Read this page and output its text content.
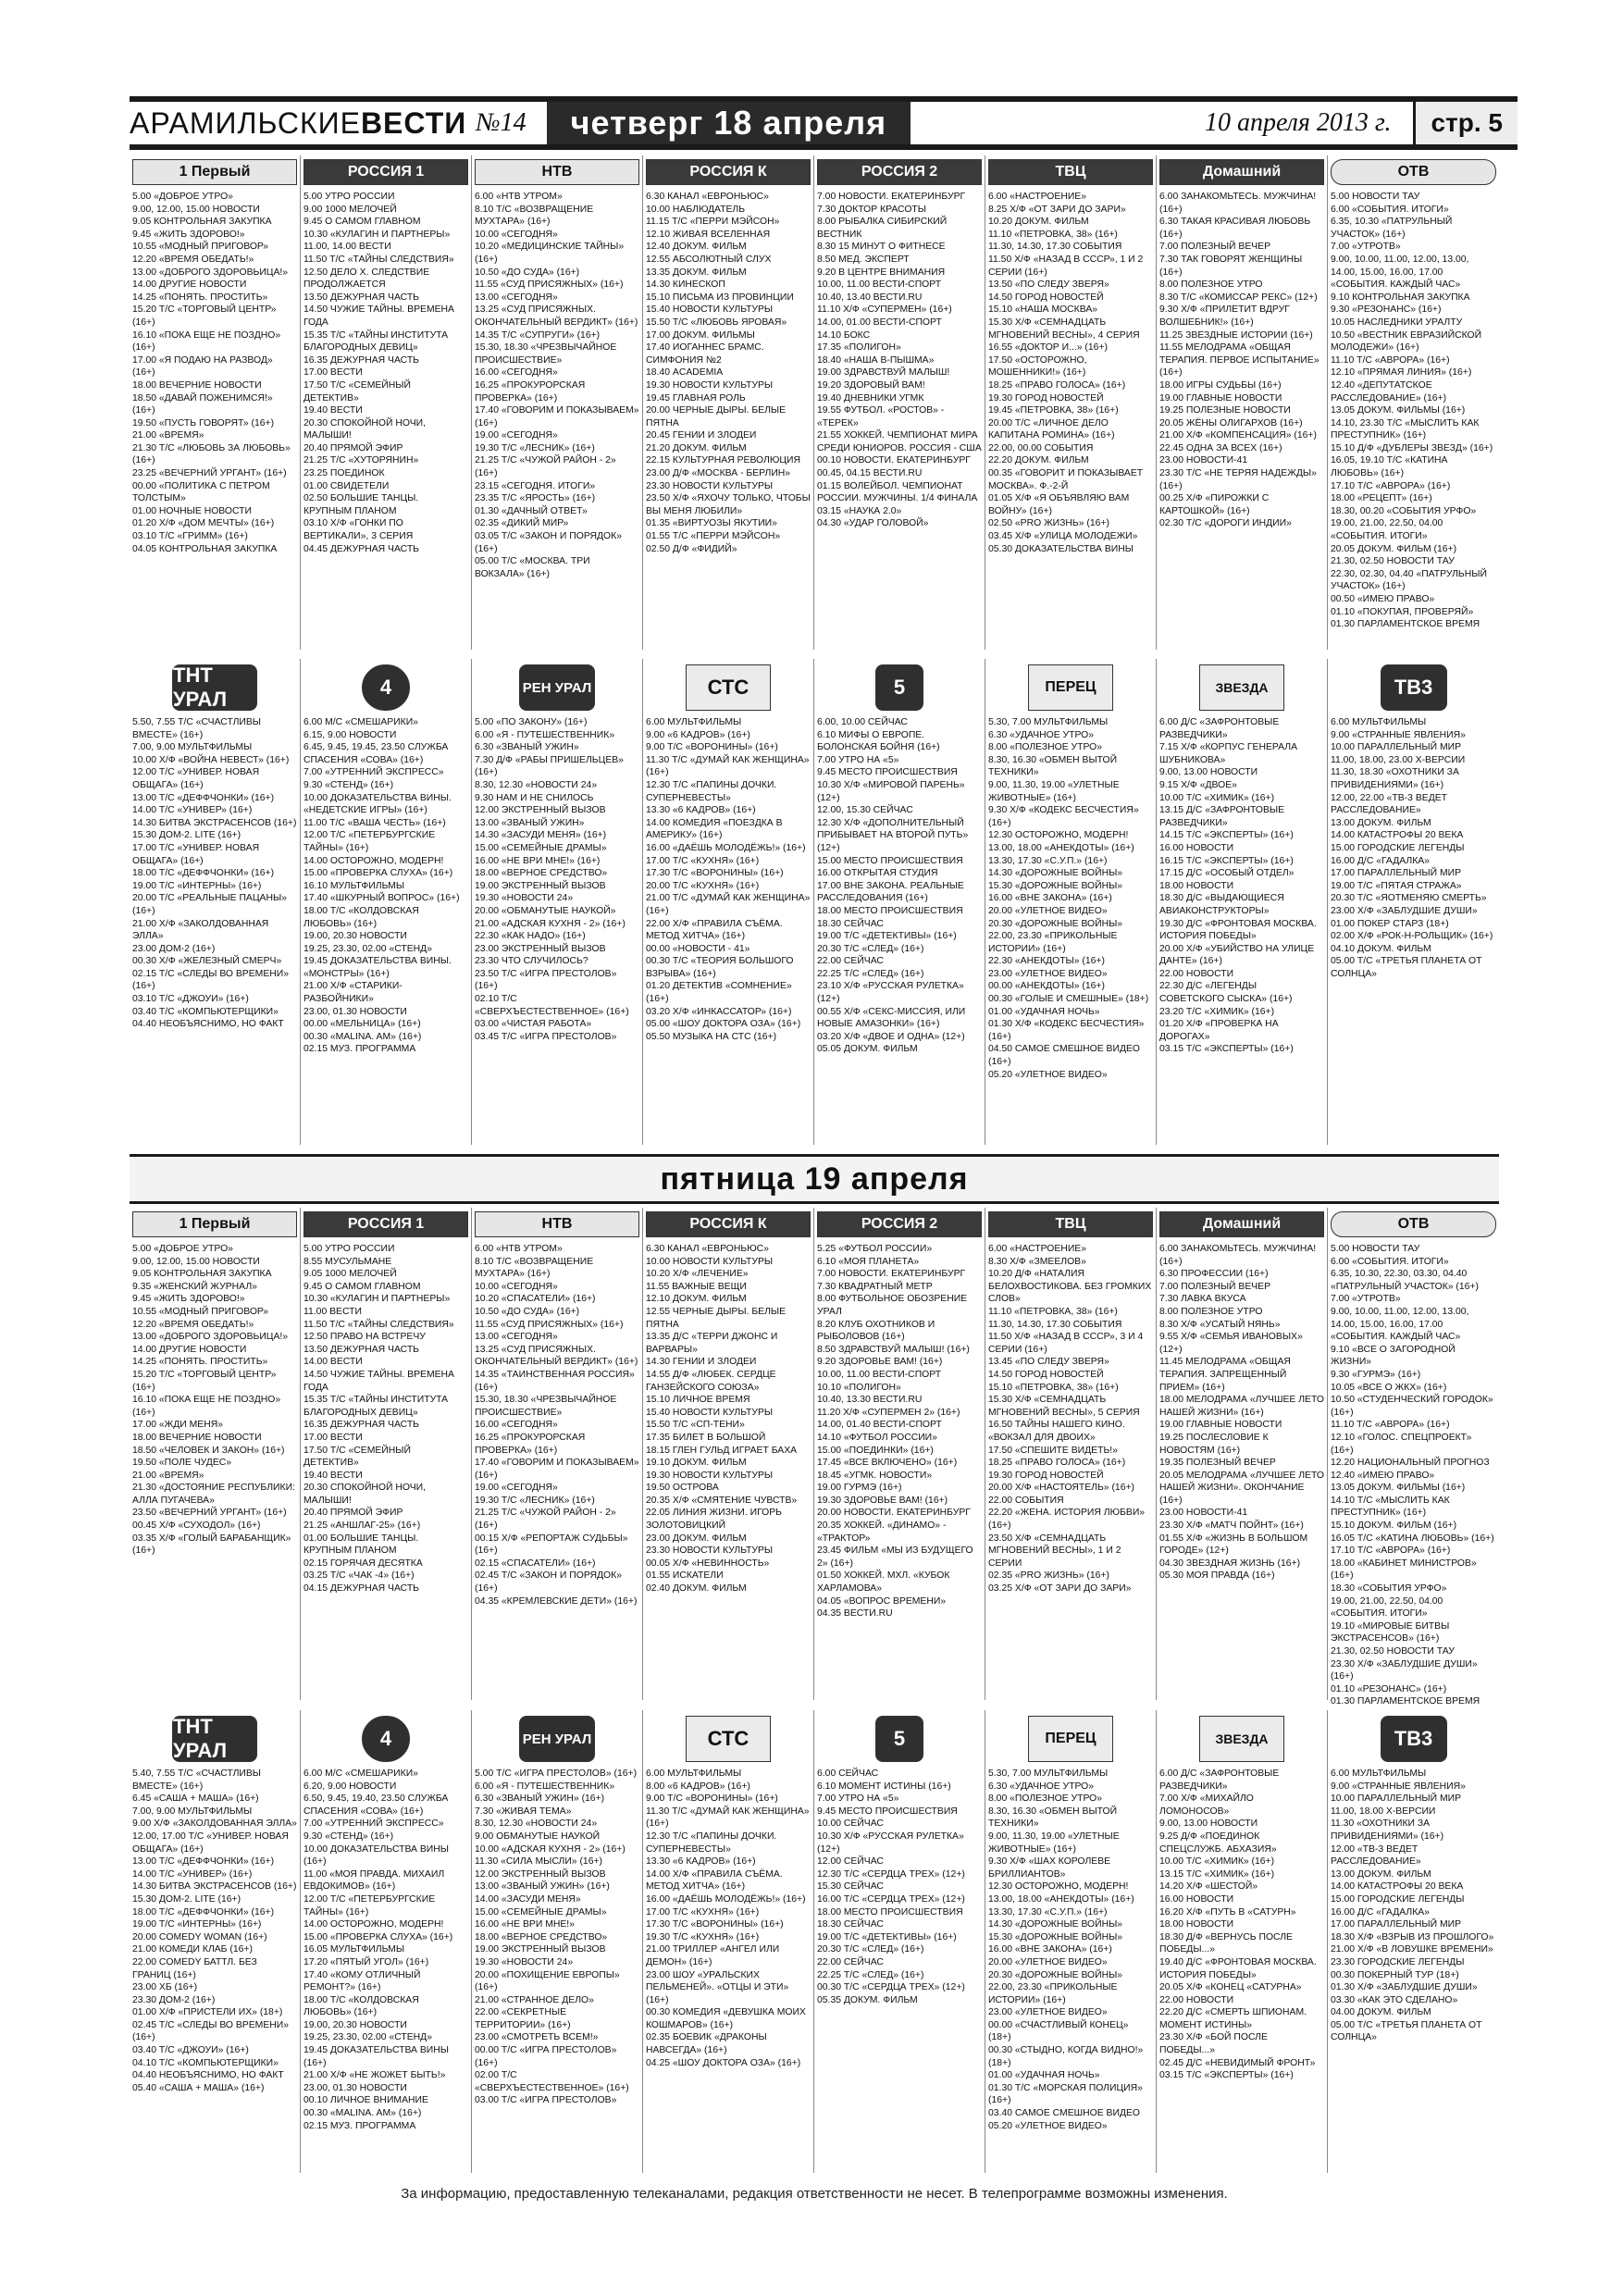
АРАМИЛЬСКИЕВЕСТИ №14	четверг 18 апреля	10 апреля 2013 г.	стр. 5
1 Первый
5.00 «ДОБРОЕ УТРО»
9.00, 12.00, 15.00 НОВОСТИ
9.05 КОНТРОЛЬНАЯ ЗАКУПКА
9.45 «ЖИТЬ ЗДОРОВО!»
10.55 «МОДНЫЙ ПРИГОВОР»
12.20 «ВРЕМЯ ОБЕДАТЬ!»
13.00 «ДОБРОГО ЗДОРОВЬИЦА!»
14.00 ДРУГИЕ НОВОСТИ
14.25 «ПОНЯТЬ. ПРОСТИТЬ»
15.20 Т/С «ТОРГОВЫЙ ЦЕНТР» (16+)
16.10 «ПОКА ЕЩЕ НЕ ПОЗДНО» (16+)
17.00 «Я ПОДАЮ НА РАЗВОД» (16+)
18.00 ВЕЧЕРНИЕ НОВОСТИ
18.50 «ДАВАЙ ПОЖЕНИМСЯ!» (16+)
19.50 «ПУСТЬ ГОВОРЯТ» (16+)
21.00 «ВРЕМЯ»
21.30 Т/С «ЛЮБОВЬ ЗА ЛЮБОВЬ» (16+)
23.25 «ВЕЧЕРНИЙ УРГАНТ» (16+)
00.00 «ПОЛИТИКА С ПЕТРОМ ТОЛСТЫМ»
01.00 НОЧНЫЕ НОВОСТИ
01.20 Х/Ф «ДОМ МЕЧТЫ» (16+)
03.10 Т/С «ГРИММ» (16+)
04.05 КОНТРОЛЬНАЯ ЗАКУПКА
РОССИЯ 1
5.00 УТРО РОССИИ
9.00 1000 МЕЛОЧЕЙ
9.45 О САМОМ ГЛАВНОМ
10.30 «КУЛАГИН И ПАРТНЕРЫ»
11.00, 14.00 ВЕСТИ
11.50 Т/С «ТАЙНЫ СЛЕДСТВИЯ»
12.50 ДЕЛО Х. СЛЕДСТВИЕ ПРОДОЛЖАЕТСЯ
13.50 ДЕЖУРНАЯ ЧАСТЬ
14.50 ЧУЖИЕ ТАЙНЫ. ВРЕМЕНА ГОДА
15.35 Т/С «ТАЙНЫ ИНСТИТУТА БЛАГОРОДНЫХ ДЕВИЦ»
16.35 ДЕЖУРНАЯ ЧАСТЬ
17.00 ВЕСТИ
17.50 Т/С «СЕМЕЙНЫЙ ДЕТЕКТИВ»
19.40 ВЕСТИ
20.30 СПОКОЙНОЙ НОЧИ, МАЛЫШИ!
20.40 ПРЯМОЙ ЭФИР
21.25 Т/С «ХУТОРЯНИН»
23.25 ПОЕДИНОК
01.00 СВИДЕТЕЛИ
02.50 БОЛЬШИЕ ТАНЦЫ. КРУПНЫМ ПЛАНОМ
03.10 Х/Ф «ГОНКИ ПО ВЕРТИКАЛИ», 3 СЕРИЯ
04.45 ДЕЖУРНАЯ ЧАСТЬ
НТВ
6.00 «НТВ УТРОМ»
8.10 Т/С «ВОЗВРАЩЕНИЕ МУХТАРА» (16+)
10.00 «СЕГОДНЯ»
10.20 «МЕДИЦИНСКИЕ ТАЙНЫ» (16+)
10.50 «ДО СУДА» (16+)
11.55 «СУД ПРИСЯЖНЫХ» (16+)
13.00 «СЕГОДНЯ»
13.25 «СУД ПРИСЯЖНЫХ. ОКОНЧАТЕЛЬНЫЙ ВЕРДИКТ» (16+)
14.35 Т/С «СУПРУГИ» (16+)
15.30, 18.30 «ЧРЕЗВЫЧАЙНОЕ ПРОИСШЕСТВИЕ»
16.00 «СЕГОДНЯ»
16.25 «ПРОКУРОРСКАЯ ПРОВЕРКА» (16+)
17.40 «ГОВОРИМ И ПОКАЗЫВАЕМ» (16+)
19.00 «СЕГОДНЯ»
19.30 Т/С «ЛЕСНИК» (16+)
21.25 Т/С «ЧУЖОЙ РАЙОН - 2» (16+)
23.15 «СЕГОДНЯ. ИТОГИ»
23.35 Т/С «ЯРОСТЬ» (16+)
01.30 «ДАЧНЫЙ ОТВЕТ»
02.35 «ДИКИЙ МИР»
03.05 Т/С «ЗАКОН И ПОРЯДОК» (16+)
05.00 Т/С «МОСКВА. ТРИ ВОКЗАЛА» (16+)
РОССИЯ К
6.30 КАНАЛ «ЕВРОНЬЮС»
10.00 НАБЛЮДАТЕЛЬ
11.15 Т/С «ПЕРРИ МЭЙСОН»
12.10 ЖИВАЯ ВСЕЛЕННАЯ
12.40 ДОКУМ. ФИЛЬМ
12.55 АБСОЛЮТНЫЙ СЛУХ
13.35 ДОКУМ. ФИЛЬМ
14.30 КИНЕСКОП
15.10 ПИСЬМА ИЗ ПРОВИНЦИИ
15.40 НОВОСТИ КУЛЬТУРЫ
15.50 Т/С «ЛЮБОВЬ ЯРОВАЯ»
17.00 ДОКУМ. ФИЛЬМЫ
17.40 ИОГАННЕС БРАМС. СИМФОНИЯ №2
18.40 ACADEMIA
19.30 НОВОСТИ КУЛЬТУРЫ
19.45 ГЛАВНАЯ РОЛЬ
20.00 ЧЕРНЫЕ ДЫРЫ. БЕЛЫЕ ПЯТНА
20.45 ГЕНИИ И ЗЛОДЕИ
21.20 ДОКУМ. ФИЛЬМ
22.15 КУЛЬТУРНАЯ РЕВОЛЮЦИЯ
23.00 Д/Ф «МОСКВА - БЕРЛИН»
23.30 НОВОСТИ КУЛЬТУРЫ
23.50 Х/Ф «ЯХОЧУ ТОЛЬКО, ЧТОБЫ ВЫ МЕНЯ ЛЮБИЛИ»
01.35 «ВИРТУОЗЫ ЯКУТИИ»
01.55 Т/С «ПЕРРИ МЭЙСОН»
02.50 Д/Ф «ФИДИЙ»
РОССИЯ 2
7.00 НОВОСТИ. ЕКАТЕРИНБУРГ
7.30 ДОКТОР КРАСОТЫ
8.00 РЫБАЛКА СИБИРСКИЙ ВЕСТНИК
8.30 15 МИНУТ О ФИТНЕСЕ
8.50 МЕД. ЭКСПЕРТ
9.20 В ЦЕНТРЕ ВНИМАНИЯ
10.00, 11.00 ВЕСТИ-СПОРТ
10.40, 13.40 ВЕСТИ.RU
11.10 Х/Ф «СУПЕРМЕН» (16+)
14.00, 01.00 ВЕСТИ-СПОРТ
14.10 БОКС
17.35 «ПОЛИГОН»
18.40 «НАША В-ПЫШМА»
19.00 ЗДРАВСТВУЙ МАЛЫШ!
19.20 ЗДОРОВЫЙ ВАМ!
19.40 ДНЕВНИКИ УГМК
19.55 ФУТБОЛ. «РОСТОВ» - «ТЕРЕК»
21.55 ХОККЕЙ. ЧЕМПИОНАТ МИРА СРЕДИ ЮНИОРОВ. РОССИЯ - США
00.10 НОВОСТИ. ЕКАТЕРИНБУРГ
00.45, 04.15 ВЕСТИ.RU
01.15 ВОЛЕЙБОЛ. ЧЕМПИОНАТ РОССИИ. МУЖЧИНЫ. 1/4 ФИНАЛА
03.15 «НАУКА 2.0»
04.30 «УДАР ГОЛОВОЙ»
ТВЦ
6.00 «НАСТРОЕНИЕ»
8.25 Х/Ф «ОТ ЗАРИ ДО ЗАРИ»
10.20 ДОКУМ. ФИЛЬМ
11.10 «ПЕТРОВКА, 38» (16+)
11.30, 14.30, 17.30 СОБЫТИЯ
11.50 Х/Ф «НАЗАД В СССР», 1 И 2 СЕРИИ (16+)
13.50 «ПО СЛЕДУ ЗВЕРЯ»
14.50 ГОРОД НОВОСТЕЙ
15.10 «НАША МОСКВА»
15.30 Х/Ф «СЕМНАДЦАТЬ МГНОВЕНИЙ ВЕСНЫ», 4 СЕРИЯ
16.55 «ДОКТОР И...» (16+)
17.50 «ОСТОРОЖНО, МОШЕННИКИ!» (16+)
18.25 «ПРАВО ГОЛОСА» (16+)
19.30 ГОРОД НОВОСТЕЙ
19.45 «ПЕТРОВКА, 38» (16+)
20.00 Т/С «ЛИЧНОЕ ДЕЛО КАПИТАНА РОМИНА» (16+)
22.00, 00.00 СОБЫТИЯ
22.20 ДОКУМ. ФИЛЬМ
00.35 «ГОВОРИТ И ПОКАЗЫВАЕТ МОСКВА». Ф.-2-Й
01.05 Х/Ф «Я ОБЪЯВЛЯЮ ВАМ ВОЙНУ» (16+)
02.50 «PRO ЖИЗНЬ» (16+)
03.45 Х/Ф «УЛИЦА МОЛОДЕЖИ»
05.30 ДОКАЗАТЕЛЬСТВА ВИНЫ
Домашний
6.00 ЗАНАКОМЬТЕСЬ. МУЖЧИНА! (16+)
6.30 ТАКАЯ КРАСИВАЯ ЛЮБОВЬ (16+)
7.00 ПОЛЕЗНЫЙ ВЕЧЕР
7.30 ТАК ГОВОРЯТ ЖЕНЩИНЫ (16+)
8.00 ПОЛЕЗНОЕ УТРО
8.30 Т/С «КОМИССАР РЕКС» (12+)
9.30 Х/Ф «ПРИЛЕТИТ ВДРУГ ВОЛШЕБНИК!» (16+)
11.25 ЗВЕЗДНЫЕ ИСТОРИИ (16+)
11.55 МЕЛОДРАМА «ОБЩАЯ ТЕРАПИЯ. ПЕРВОЕ ИСПЫТАНИЕ» (16+)
18.00 ИГРЫ СУДЬБЫ (16+)
19.00 ГЛАВНЫЕ НОВОСТИ
19.25 ПОЛЕЗНЫЕ НОВОСТИ
20.05 ЖЁНЫ ОЛИГАРХОВ (16+)
21.00 Х/Ф «КОМПЕНСАЦИЯ» (16+)
22.45 ОДНА ЗА ВСЕХ (16+)
23.00 НОВОСТИ-41
23.30 Т/С «НЕ ТЕРЯЯ НАДЕЖДЫ» (16+)
00.25 Х/Ф «ПИРОЖКИ С КАРТОШКОЙ» (16+)
02.30 Т/С «ДОРОГИ ИНДИИ»
ОТВ
5.00 НОВОСТИ ТАУ
6.00 «СОБЫТИЯ. ИТОГИ»
6.35, 10.30 «ПАТРУЛЬНЫЙ УЧАСТОК» (16+)
7.00 «УТРОТВ»
9.00, 10.00, 11.00, 12.00, 13.00, 14.00, 15.00, 16.00, 17.00 «СОБЫТИЯ. КАЖДЫЙ ЧАС»
9.10 КОНТРОЛЬНАЯ ЗАКУПКА
9.30 «РЕЗОНАНС» (16+)
10.05 НАСЛЕДНИКИ УРАЛТУ
10.50 «ВЕСТНИК ЕВРАЗИЙСКОЙ МОЛОДЕЖИ» (16+)
11.10 Т/С «АВРОРА» (16+)
12.10 «ПРЯМАЯ ЛИНИЯ» (16+)
12.40 «ДЕПУТАТСКОЕ РАССЛЕДОВАНИЕ» (16+)
13.05 ДОКУМ. ФИЛЬМЫ (16+)
14.10, 23.30 Т/С «МЫСЛИТЬ КАК ПРЕСТУПНИК» (16+)
15.10 Д/Ф «ДУБЛЕРЫ ЗВЕЗД» (16+)
16.05, 19.10 Т/С «КАТИНА ЛЮБОВЬ» (16+)
17.10 Т/С «АВРОРА» (16+)
18.00 «РЕЦЕПТ» (16+)
18.30, 00.20 «СОБЫТИЯ УРФО»
19.00, 21.00, 22.50, 04.00 «СОБЫТИЯ. ИТОГИ»
20.05 ДОКУМ. ФИЛЬМ (16+)
21.30, 02.50 НОВОСТИ ТАУ
22.30, 02.30, 04.40 «ПАТРУЛЬНЫЙ УЧАСТОК» (16+)
00.50 «ИМЕЮ ПРАВО»
01.10 «ПОКУПАЯ, ПРОВЕРЯЙ»
01.30 ПАРЛАМЕНТСКОЕ ВРЕМЯ
ТНТ УРАЛ
5.50, 7.55 Т/С «СЧАСТЛИВЫ ВМЕСТЕ» (16+)
7.00, 9.00 МУЛЬТФИЛЬМЫ
10.00 Х/Ф «ВОЙНА НЕВЕСТ» (16+)
12.00 Т/С «УНИВЕР. НОВАЯ ОБЩАГА» (16+)
13.00 Т/С «ДЕФФЧОНКИ» (16+)
14.00 Т/С «УНИВЕР» (16+)
14.30 БИТВА ЭКСТРАСЕНСОВ (16+)
15.30 ДОМ-2. LITE (16+)
17.00 Т/С «УНИВЕР. НОВАЯ ОБЩАГА» (16+)
18.00 Т/С «ДЕФФЧОНКИ» (16+)
19.00 Т/С «ИНТЕРНЫ» (16+)
20.00 Т/С «РЕАЛЬНЫЕ ПАЦАНЫ» (16+)
21.00 Х/Ф «ЗАКОЛДОВАННАЯ ЭЛЛА»
23.00 ДОМ-2 (16+)
00.30 Х/Ф «ЖЕЛЕЗНЫЙ СМЕРЧ»
02.15 Т/С «СЛЕДЫ ВО ВРЕМЕНИ» (16+)
03.10 Т/С «ДЖОУИ» (16+)
03.40 Т/С «КОМПЬЮТЕРЩИКИ»
04.40 НЕОБЪЯСНИМО, НО ФАКТ
4
6.00 М/С «СМЕШАРИКИ»
6.15, 9.00 НОВОСТИ
6.45, 9.45, 19.45, 23.50 СЛУЖБА СПАСЕНИЯ «СОВА» (16+)
7.00 «УТРЕННИЙ ЭКСПРЕСС»
9.30 «СТЕНД» (16+)
10.00 ДОКАЗАТЕЛЬСТВА ВИНЫ. «НЕДЕТСКИЕ ИГРЫ» (16+)
11.00 Т/С «ВАША ЧЕСТЬ» (16+)
12.00 Т/С «ПЕТЕРБУРГСКИЕ ТАЙНЫ» (16+)
14.00 ОСТОРОЖНО, МОДЕРН!
15.00 «ПРОВЕРКА СЛУХА» (16+)
16.10 МУЛЬТФИЛЬМЫ
17.40 «ШКУРНЫЙ ВОПРОС» (16+)
18.00 Т/С «КОЛДОВСКАЯ ЛЮБОВЬ» (16+)
19.00, 20.30 НОВОСТИ
19.25, 23.30, 02.00 «СТЕНД»
19.45 ДОКАЗАТЕЛЬСТВА ВИНЫ. «МОНСТРЫ» (16+)
21.00 Х/Ф «СТАРИКИ-РАЗБОЙНИКИ»
23.00, 01.30 НОВОСТИ
00.00 «МЕЛЬНИЦА» (16+)
00.30 «MALINA. AM» (16+)
02.15 МУЗ. ПРОГРАММА
РЕН УРАЛ
5.00 «ПО ЗАКОНУ» (16+)
6.00 «Я - ПУТЕШЕСТВЕННИК»
6.30 «ЗВАНЫЙ УЖИН»
7.30 Д/Ф «РАБЫ ПРИШЕЛЬЦЕВ» (16+)
8.30, 12.30 «НОВОСТИ 24»
9.30 НАМ И НЕ СНИЛОСЬ
12.00 ЭКСТРЕННЫЙ ВЫЗОВ
13.00 «ЗВАНЫЙ УЖИН»
14.30 «ЗАСУДИ МЕНЯ» (16+)
15.00 «СЕМЕЙНЫЕ ДРАМЫ»
16.00 «НЕ ВРИ МНЕ!» (16+)
18.00 «ВЕРНОЕ СРЕДСТВО»
19.00 ЭКСТРЕННЫЙ ВЫЗОВ
19.30 «НОВОСТИ 24»
20.00 «ОБМАНУТЫЕ НАУКОЙ»
21.00 «АДСКАЯ КУХНЯ - 2» (16+)
22.30 «КАК НАДО» (16+)
23.00 ЭКСТРЕННЫЙ ВЫЗОВ
23.30 ЧТО СЛУЧИЛОСЬ?
23.50 Т/С «ИГРА ПРЕСТОЛОВ» (16+)
02.10 Т/С «СВЕРХЪЕСТЕСТВЕННОЕ» (16+)
03.00 «ЧИСТАЯ РАБОТА»
03.45 Т/С «ИГРА ПРЕСТОЛОВ»
СТС
6.00 МУЛЬТФИЛЬМЫ
9.00 «6 КАДРОВ» (16+)
9.00 Т/С «ВОРОНИНЫ» (16+)
11.30 Т/С «ДУМАЙ КАК ЖЕНЩИНА» (16+)
12.30 Т/С «ПАПИНЫ ДОЧКИ. СУПЕРНЕВЕСТЫ»
13.30 «6 КАДРОВ» (16+)
14.00 КОМЕДИЯ «ПОЕЗДКА В АМЕРИКУ» (16+)
16.00 «ДАЁШЬ МОЛОДЁЖЬ!» (16+)
17.00 Т/С «КУХНЯ» (16+)
17.30 Т/С «ВОРОНИНЫ» (16+)
20.00 Т/С «КУХНЯ» (16+)
21.00 Т/С «ДУМАЙ КАК ЖЕНЩИНА» (16+)
22.00 Х/Ф «ПРАВИЛА СЪЁМА. МЕТОД ХИТЧА» (16+)
00.00 «НОВОСТИ - 41»
00.30 Т/С «ТЕОРИЯ БОЛЬШОГО ВЗРЫВА» (16+)
01.20 ДЕТЕКТИВ «СОМНЕНИЕ» (16+)
03.20 Х/Ф «ИНКАССАТОР» (16+)
05.00 «ШОУ ДОКТОРА ОЗА» (16+)
05.50 МУЗЫКА НА СТС (16+)
5
6.00, 10.00 СЕЙЧАС
6.10 МИФЫ О ЕВРОПЕ. БОЛОНСКАЯ БОЙНЯ (16+)
7.00 УТРО НА «5»
9.45 МЕСТО ПРОИСШЕСТВИЯ
10.30 Х/Ф «МИРОВОЙ ПАРЕНЬ» (12+)
12.00, 15.30 СЕЙЧАС
12.30 Х/Ф «ДОПОЛНИТЕЛЬНЫЙ ПРИБЫВАЕТ НА ВТОРОЙ ПУТЬ» (12+)
15.00 МЕСТО ПРОИСШЕСТВИЯ
16.00 ОТКРЫТАЯ СТУДИЯ
17.00 ВНЕ ЗАКОНА. РЕАЛЬНЫЕ РАССЛЕДОВАНИЯ (16+)
18.00 МЕСТО ПРОИСШЕСТВИЯ
18.30 СЕЙЧАС
19.00 Т/С «ДЕТЕКТИВЫ» (16+)
20.30 Т/С «СЛЕД» (16+)
22.00 СЕЙЧАС
22.25 Т/С «СЛЕД» (16+)
23.10 Х/Ф «РУССКАЯ РУЛЕТКА» (12+)
00.55 Х/Ф «СЕКС-МИССИЯ, ИЛИ НОВЫЕ АМАЗОНКИ» (16+)
03.20 Х/Ф «ДВОЕ И ОДНА» (12+)
05.05 ДОКУМ. ФИЛЬМ
ПЕРЕЦ
5.30, 7.00 МУЛЬТФИЛЬМЫ
6.30 «УДАЧНОЕ УТРО»
8.00 «ПОЛЕЗНОЕ УТРО»
8.30, 16.30 «ОБМЕН ВЫТОЙ ТЕХНИКИ»
9.00, 11.30, 19.00 «УЛЕТНЫЕ ЖИВОТНЫЕ» (16+)
9.30 Х/Ф «КОДЕКС БЕСЧЕСТИЯ» (16+)
12.30 ОСТОРОЖНО, МОДЕРН!
13.00, 18.00 «АНЕКДОТЫ» (16+)
13.30, 17.30 «С.У.П.» (16+)
14.30 «ДОРОЖНЫЕ ВОЙНЫ»
15.30 «ДОРОЖНЫЕ ВОЙНЫ»
16.00 «ВНЕ ЗАКОНА» (16+)
20.00 «УЛЕТНОЕ ВИДЕО»
20.30 «ДОРОЖНЫЕ ВОЙНЫ»
22.00, 23.30 «ПРИКОЛЬНЫЕ ИСТОРИИ» (16+)
22.30 «АНЕКДОТЫ» (16+)
23.00 «УЛЕТНОЕ ВИДЕО»
00.00 «АНЕКДОТЫ» (16+)
00.30 «ГОЛЫЕ И СМЕШНЫЕ» (18+)
01.00 «УДАЧНАЯ НОЧЬ»
01.30 Х/Ф «КОДЕКС БЕСЧЕСТИЯ» (16+)
04.50 САМОЕ СМЕШНОЕ ВИДЕО (16+)
05.20 «УЛЕТНОЕ ВИДЕО»
ЗВЕЗДА
6.00 Д/С «ЗАФРОНТОВЫЕ РАЗВЕДЧИКИ»
7.15 Х/Ф «КОРПУС ГЕНЕРАЛА ШУБНИКОВА»
9.00, 13.00 НОВОСТИ
9.15 Х/Ф «ДВОЕ»
10.00 Т/С «ХИМИК» (16+)
13.15 Д/С «ЗАФРОНТОВЫЕ РАЗВЕДЧИКИ»
14.15 Т/С «ЭКСПЕРТЫ» (16+)
16.00 НОВОСТИ
16.15 Т/С «ЭКСПЕРТЫ» (16+)
17.15 Д/С «ОСОБЫЙ ОТДЕЛ»
18.00 НОВОСТИ
18.30 Д/С «ВЫДАЮЩИЕСЯ АВИАКОНСТРУКТОРЫ»
19.30 Д/С «ФРОНТОВАЯ МОСКВА. ИСТОРИЯ ПОБЕДЫ»
20.00 Х/Ф «УБИЙСТВО НА УЛИЦЕ ДАНТЕ» (16+)
22.00 НОВОСТИ
22.30 Д/С «ЛЕГЕНДЫ СОВЕТСКОГО СЫСКА» (16+)
23.20 Т/С «ХИМИК» (16+)
01.20 Х/Ф «ПРОВЕРКА НА ДОРОГАХ»
03.15 Т/С «ЭКСПЕРТЫ» (16+)
ТВ3
6.00 МУЛЬТФИЛЬМЫ
9.00 «СТРАННЫЕ ЯВЛЕНИЯ»
10.00 ПАРАЛЛЕЛЬНЫЙ МИР
11.00, 18.00, 23.00 Х-ВЕРСИИ
11.30, 18.30 «ОХОТНИКИ ЗА ПРИВИДЕНИЯМИ» (16+)
12.00, 22.00 «ТВ-3 ВЕДЕТ РАССЛЕДОВАНИЕ»
13.00 ДОКУМ. ФИЛЬМ
14.00 КАТАСТРОФЫ 20 ВЕКА
15.00 ГОРОДСКИЕ ЛЕГЕНДЫ
16.00 Д/С «ГАДАЛКА»
17.00 ПАРАЛЛЕЛЬНЫЙ МИР
19.00 Т/С «ПЯТАЯ СТРАЖА»
20.30 Т/С «ЯОТМЕНЯЮ СМЕРТЬ»
23.00 Х/Ф «ЗАБЛУДШИЕ ДУШИ»
01.00 ПОКЕР СТАРЗ (18+)
02.00 Х/Ф «РОК-Н-РОЛЬЩИК» (16+)
04.10 ДОКУМ. ФИЛЬМ
05.00 Т/С «ТРЕТЬЯ ПЛАНЕТА ОТ СОЛНЦА»
пятница 19 апреля
1 Первый
5.00 «ДОБРОЕ УТРО»
9.00, 12.00, 15.00 НОВОСТИ
9.05 КОНТРОЛЬНАЯ ЗАКУПКА
9.35 «ЖЕНСКИЙ ЖУРНАЛ»
9.45 «ЖИТЬ ЗДОРОВО!»
10.55 «МОДНЫЙ ПРИГОВОР»
12.20 «ВРЕМЯ ОБЕДАТЬ!»
13.00 «ДОБРОГО ЗДОРОВЬИЦА!»
14.00 ДРУГИЕ НОВОСТИ
14.25 «ПОНЯТЬ. ПРОСТИТЬ»
15.20 Т/С «ТОРГОВЫЙ ЦЕНТР» (16+)
16.10 «ПОКА ЕЩЕ НЕ ПОЗДНО» (16+)
17.00 «ЖДИ МЕНЯ»
18.00 ВЕЧЕРНИЕ НОВОСТИ
18.50 «ЧЕЛОВЕК И ЗАКОН» (16+)
19.50 «ПОЛЕ ЧУДЕС»
21.00 «ВРЕМЯ»
21.30 «ДОСТОЯНИЕ РЕСПУБЛИКИ: АЛЛА ПУГАЧЕВА»
23.50 «ВЕЧЕРНИЙ УРГАНТ» (16+)
00.45 Х/Ф «СУХОДОЛ» (16+)
03.35 Х/Ф «ГОЛЫЙ БАРАБАНЩИК» (16+)
РОССИЯ 1
5.00 УТРО РОССИИ
8.55 МУСУЛЬМАНЕ
9.05 1000 МЕЛОЧЕЙ
9.45 О САМОМ ГЛАВНОМ
10.30 «КУЛАГИН И ПАРТНЕРЫ»
11.00 ВЕСТИ
11.50 Т/С «ТАЙНЫ СЛЕДСТВИЯ»
12.50 ПРАВО НА ВСТРЕЧУ
13.50 ДЕЖУРНАЯ ЧАСТЬ
14.00 ВЕСТИ
14.50 ЧУЖИЕ ТАЙНЫ. ВРЕМЕНА ГОДА
15.35 Т/С «ТАЙНЫ ИНСТИТУТА БЛАГОРОДНЫХ ДЕВИЦ»
16.35 ДЕЖУРНАЯ ЧАСТЬ
17.00 ВЕСТИ
17.50 Т/С «СЕМЕЙНЫЙ ДЕТЕКТИВ»
19.40 ВЕСТИ
20.30 СПОКОЙНОЙ НОЧИ, МАЛЫШИ!
20.40 ПРЯМОЙ ЭФИР
21.25 «АНШЛАГ-25» (16+)
01.00 БОЛЬШИЕ ТАНЦЫ. КРУПНЫМ ПЛАНОМ
02.15 ГОРЯЧАЯ ДЕСЯТКА
03.25 Т/С «ЧАК -4» (16+)
04.15 ДЕЖУРНАЯ ЧАСТЬ
НТВ
6.00 «НТВ УТРОМ»
8.10 Т/С «ВОЗВРАЩЕНИЕ МУХТАРА» (16+)
10.00 «СЕГОДНЯ»
10.20 «СПАСАТЕЛИ» (16+)
10.50 «ДО СУДА» (16+)
11.55 «СУД ПРИСЯЖНЫХ» (16+)
13.00 «СЕГОДНЯ»
13.25 «СУД ПРИСЯЖНЫХ. ОКОНЧАТЕЛЬНЫЙ ВЕРДИКТ» (16+)
14.35 «ТАИНСТВЕННАЯ РОССИЯ» (16+)
15.30, 18.30 «ЧРЕЗВЫЧАЙНОЕ ПРОИСШЕСТВИЕ»
16.00 «СЕГОДНЯ»
16.25 «ПРОКУРОРСКАЯ ПРОВЕРКА» (16+)
17.40 «ГОВОРИМ И ПОКАЗЫВАЕМ» (16+)
19.00 «СЕГОДНЯ»
19.30 Т/С «ЛЕСНИК» (16+)
21.25 Т/С «ЧУЖОЙ РАЙОН - 2» (16+)
00.15 Х/Ф «РЕПОРТАЖ СУДЬБЫ» (16+)
02.15 «СПАСАТЕЛИ» (16+)
02.45 Т/С «ЗАКОН И ПОРЯДОК» (16+)
04.35 «КРЕМЛЕВСКИЕ ДЕТИ» (16+)
РОССИЯ К
6.30 КАНАЛ «ЕВРОНЬЮС»
10.00 НОВОСТИ КУЛЬТУРЫ
10.20 Х/Ф «ЛЕЧЕНИЕ»
11.55 ВАЖНЫЕ ВЕЩИ
12.10 ДОКУМ. ФИЛЬМ
12.55 ЧЕРНЫЕ ДЫРЫ. БЕЛЫЕ ПЯТНА
13.35 Д/С «ТЕРРИ ДЖОНС И ВАРВАРЫ»
14.30 ГЕНИИ И ЗЛОДЕИ
14.55 Д/Ф «ЛЮБЕК. СЕРДЦЕ ГАНЗЕЙСКОГО СОЮЗА»
15.10 ЛИЧНОЕ ВРЕМЯ
15.40 НОВОСТИ КУЛЬТУРЫ
15.50 Т/С «СП-ТЕНИ»
17.35 БИЛЕТ В БОЛЬШОЙ
18.15 ГЛЕН ГУЛЬД ИГРАЕТ БАХА
19.10 ДОКУМ. ФИЛЬМ
19.30 НОВОСТИ КУЛЬТУРЫ
19.50 ОСТРОВА
20.35 Х/Ф «СМЯТЕНИЕ ЧУВСТВ»
22.05 ЛИНИЯ ЖИЗНИ. ИГОРЬ ЗОЛОТОВИЦКИЙ
23.00 ДОКУМ. ФИЛЬМ
23.30 НОВОСТИ КУЛЬТУРЫ
00.05 Х/Ф «НЕВИННОСТЬ»
01.55 ИСКАТЕЛИ
02.40 ДОКУМ. ФИЛЬМ
РОССИЯ 2
5.25 «ФУТБОЛ РОССИИ»
6.10 «МОЯ ПЛАНЕТА»
7.00 НОВОСТИ. ЕКАТЕРИНБУРГ
7.30 КВАДРАТНЫЙ МЕТР
8.00 ФУТБОЛЬНОЕ ОБОЗРЕНИЕ УРАЛ
8.20 КЛУБ ОХОТНИКОВ И РЫБОЛОВОВ (16+)
8.50 ЗДРАВСТВУЙ МАЛЫШ! (16+)
9.20 ЗДОРОВЬЕ ВАМ! (16+)
10.00, 11.00 ВЕСТИ-СПОРТ
10.10 «ПОЛИГОН»
10.40, 13.30 ВЕСТИ.RU
11.20 Х/Ф «СУПЕРМЕН 2» (16+)
14.00, 01.40 ВЕСТИ-СПОРТ
14.10 «ФУТБОЛ РОССИИ»
15.00 «ПОЕДИНКИ» (16+)
17.45 «ВСЕ ВКЛЮЧЕНО» (16+)
18.45 «УГМК. НОВОСТИ»
19.00 ГУРМЭ (16+)
19.30 ЗДОРОВЬЕ ВАМ! (16+)
20.00 НОВОСТИ. ЕКАТЕРИНБУРГ
20.35 ХОККЕЙ. «ДИНАМО» - «ТРАКТОР»
23.45 ФИЛЬМ «МЫ ИЗ БУДУЩЕГО 2» (16+)
01.50 ХОККЕЙ. МХЛ. «КУБОК ХАРЛАМОВА»
04.05 «ВОПРОС ВРЕМЕНИ»
04.35 ВЕСТИ.RU
ТВЦ
6.00 «НАСТРОЕНИЕ»
8.30 Х/Ф «ЗМЕЕЛОВ»
10.20 Д/Ф «НАТАЛИЯ БЕЛОХВОСТИКОВА. БЕЗ ГРОМКИХ СЛОВ»
11.10 «ПЕТРОВКА, 38» (16+)
11.30, 14.30, 17.30 СОБЫТИЯ
11.50 Х/Ф «НАЗАД В СССР», 3 И 4 СЕРИИ (16+)
13.45 «ПО СЛЕДУ ЗВЕРЯ»
14.50 ГОРОД НОВОСТЕЙ
15.10 «ПЕТРОВКА, 38» (16+)
15.30 Х/Ф «СЕМНАДЦАТЬ МГНОВЕНИЙ ВЕСНЫ», 5 СЕРИЯ
16.50 ТАЙНЫ НАШЕГО КИНО. «ВОКЗАЛ ДЛЯ ДВОИХ»
17.50 «СПЕШИТЕ ВИДЕТЬ!»
18.25 «ПРАВО ГОЛОСА» (16+)
19.30 ГОРОД НОВОСТЕЙ
20.00 Х/Ф «НАСТОЯТЕЛЬ» (16+)
22.00 СОБЫТИЯ
22.20 «ЖЕНА. ИСТОРИЯ ЛЮБВИ» (16+)
23.50 Х/Ф «СЕМНАДЦАТЬ МГНОВЕНИЙ ВЕСНЫ», 1 И 2 СЕРИИ
02.35 «PRO ЖИЗНЬ» (16+)
03.25 Х/Ф «ОТ ЗАРИ ДО ЗАРИ»
Домашний
6.00 ЗАНАКОМЬТЕСЬ. МУЖЧИНА! (16+)
6.30 ПРОФЕССИИ (16+)
7.00 ПОЛЕЗНЫЙ ВЕЧЕР
7.30 ЛАВКА ВКУСА
8.00 ПОЛЕЗНОЕ УТРО
8.30 Х/Ф «УСАТЫЙ НЯНЬ»
9.55 Х/Ф «СЕМЬЯ ИВАНОВЫХ» (12+)
11.45 МЕЛОДРАМА «ОБЩАЯ ТЕРАПИЯ. ЗАПРЕЩЕННЫЙ ПРИЕМ» (16+)
18.00 МЕЛОДРАМА «ЛУЧШЕЕ ЛЕТО НАШЕЙ ЖИЗНИ» (16+)
19.00 ГЛАВНЫЕ НОВОСТИ
19.25 ПОСЛЕСЛОВИЕ К НОВОСТЯМ (16+)
19.35 ПОЛЕЗНЫЙ ВЕЧЕР
20.05 МЕЛОДРАМА «ЛУЧШЕЕ ЛЕТО НАШЕЙ ЖИЗНИ». ОКОНЧАНИЕ (16+)
23.00 НОВОСТИ-41
23.30 Х/Ф «МАТЧ ПОЙНТ» (16+)
01.55 Х/Ф «ЖИЗНЬ В БОЛЬШОМ ГОРОДЕ» (12+)
04.30 ЗВЕЗДНАЯ ЖИЗНЬ (16+)
05.30 МОЯ ПРАВДА (16+)
ОТВ
5.00 НОВОСТИ ТАУ
6.00 «СОБЫТИЯ. ИТОГИ»
6.35, 10.30, 22.30, 03.30, 04.40 «ПАТРУЛЬНЫЙ УЧАСТОК» (16+)
7.00 «УТРОТВ»
9.00, 10.00, 11.00, 12.00, 13.00, 14.00, 15.00, 16.00, 17.00 «СОБЫТИЯ. КАЖДЫЙ ЧАС»
9.10 «ВСЕ О ЗАГОРОДНОЙ ЖИЗНИ»
9.30 «ГУРМЭ» (16+)
10.05 «ВСЕ О ЖКХ» (16+)
10.50 «СТУДЕНЧЕСКИЙ ГОРОДОК» (16+)
11.10 Т/С «АВРОРА» (16+)
12.10 «ГОЛОС. СПЕЦПРОЕКТ» (16+)
12.20 НАЦИОНАЛЬНЫЙ ПРОГНОЗ
12.40 «ИМЕЮ ПРАВО»
13.05 ДОКУМ. ФИЛЬМЫ (16+)
14.10 Т/С «МЫСЛИТЬ КАК ПРЕСТУПНИК» (16+)
15.10 ДОКУМ. ФИЛЬМ (16+)
16.05 Т/С «КАТИНА ЛЮБОВЬ» (16+)
17.10 Т/С «АВРОРА» (16+)
18.00 «КАБИНЕТ МИНИСТРОВ» (16+)
18.30 «СОБЫТИЯ УРФО»
19.00, 21.00, 22.50, 04.00 «СОБЫТИЯ. ИТОГИ»
19.10 «МИРОВЫЕ БИТВЫ ЭКСТРАСЕНСОВ» (16+)
21.30, 02.50 НОВОСТИ ТАУ
23.30 Х/Ф «ЗАБЛУДШИЕ ДУШИ» (16+)
01.10 «РЕЗОНАНС» (16+)
01.30 ПАРЛАМЕНТСКОЕ ВРЕМЯ
ТНТ УРАЛ
5.40, 7.55 Т/С «СЧАСТЛИВЫ ВМЕСТЕ» (16+)
6.45 «САША + МАША» (16+)
7.00, 9.00 МУЛЬТФИЛЬМЫ
9.00 Х/Ф «ЗАКОЛДОВАННАЯ ЭЛЛА»
12.00, 17.00 Т/С «УНИВЕР. НОВАЯ ОБЩАГА» (16+)
13.00 Т/С «ДЕФФЧОНКИ» (16+)
14.00 Т/С «УНИВЕР» (16+)
14.30 БИТВА ЭКСТРАСЕНСОВ (16+)
15.30 ДОМ-2. LITE (16+)
18.00 Т/С «ДЕФФЧОНКИ» (16+)
19.00 Т/С «ИНТЕРНЫ» (16+)
20.00 COMEDY WOMAN (16+)
21.00 КОМЕДИ КЛАБ (16+)
22.00 COMEDY БАТТЛ. БЕЗ ГРАНИЦ (16+)
23.00 ХБ (16+)
23.30 ДОМ-2 (16+)
01.00 Х/Ф «ПРИСТЕЛИ ИХ» (18+)
02.45 Т/С «СЛЕДЫ ВО ВРЕМЕНИ» (16+)
03.40 Т/С «ДЖОУИ» (16+)
04.10 Т/С «КОМПЬЮТЕРЩИКИ»
04.40 НЕОБЪЯСНИМО, НО ФАКТ
05.40 «САША + МАША» (16+)
4
6.00 М/С «СМЕШАРИКИ»
6.20, 9.00 НОВОСТИ
6.50, 9.45, 19.40, 23.50 СЛУЖБА СПАСЕНИЯ «СОВА» (16+)
7.00 «УТРЕННИЙ ЭКСПРЕСС»
9.30 «СТЕНД» (16+)
10.00 ДОКАЗАТЕЛЬСТВА ВИНЫ (16+)
11.00 «МОЯ ПРАВДА. МИХАИЛ ЕВДОКИМОВ» (16+)
12.00 Т/С «ПЕТЕРБУРГСКИЕ ТАЙНЫ» (16+)
14.00 ОСТОРОЖНО, МОДЕРН!
15.00 «ПРОВЕРКА СЛУХА» (16+)
16.05 МУЛЬТФИЛЬМЫ
17.20 «ПЯТЫЙ УГОЛ» (16+)
17.40 «КОМУ ОТЛИЧНЫЙ РЕМОНТ?» (16+)
18.00 Т/С «КОЛДОВСКАЯ ЛЮБОВЬ» (16+)
19.00, 20.30 НОВОСТИ
19.25, 23.30, 02.00 «СТЕНД»
19.45 ДОКАЗАТЕЛЬСТВА ВИНЫ (16+)
21.00 Х/Ф «НЕ ЖОЖЕТ БЫТЬ!»
23.00, 01.30 НОВОСТИ
00.10 ЛИЧНОЕ ВНИМАНИЕ
00.30 «MALINA. AM» (16+)
02.15 МУЗ. ПРОГРАММА
РЕН УРАЛ
5.00 Т/С «ИГРА ПРЕСТОЛОВ» (16+)
6.00 «Я - ПУТЕШЕСТВЕННИК»
6.30 «ЗВАНЫЙ УЖИН» (16+)
7.30 «ЖИВАЯ ТЕМА»
8.30, 12.30 «НОВОСТИ 24»
9.00 ОБМАНУТЫЕ НАУКОЙ
10.00 «АДСКАЯ КУХНЯ - 2» (16+)
11.30 «СИЛА МЫСЛИ» (16+)
12.00 ЭКСТРЕННЫЙ ВЫЗОВ
13.00 «ЗВАНЫЙ УЖИН» (16+)
14.00 «ЗАСУДИ МЕНЯ»
15.00 «СЕМЕЙНЫЕ ДРАМЫ»
16.00 «НЕ ВРИ МНЕ!»
18.00 «ВЕРНОЕ СРЕДСТВО»
19.00 ЭКСТРЕННЫЙ ВЫЗОВ
19.30 «НОВОСТИ 24»
20.00 «ПОХИЩЕНИЕ ЕВРОПЫ» (16+)
21.00 «СТРАННОЕ ДЕЛО»
22.00 «СЕКРЕТНЫЕ ТЕРРИТОРИИ» (16+)
23.00 «СМОТРЕТЬ ВСЕМ!»
00.00 Т/С «ИГРА ПРЕСТОЛОВ» (16+)
02.00 Т/С «СВЕРХЪЕСТЕСТВЕННОЕ» (16+)
03.00 Т/С «ИГРА ПРЕСТОЛОВ»
СТС
6.00 МУЛЬТФИЛЬМЫ
8.00 «6 КАДРОВ» (16+)
9.00 Т/С «ВОРОНИНЫ» (16+)
11.30 Т/С «ДУМАЙ КАК ЖЕНЩИНА» (16+)
12.30 Т/С «ПАПИНЫ ДОЧКИ. СУПЕРНЕВЕСТЫ»
13.30 «6 КАДРОВ» (16+)
14.00 Х/Ф «ПРАВИЛА СЪЁМА. МЕТОД ХИТЧА» (16+)
16.00 «ДАЁШЬ МОЛОДЁЖЬ!» (16+)
17.00 Т/С «КУХНЯ» (16+)
17.30 Т/С «ВОРОНИНЫ» (16+)
19.30 Т/С «КУХНЯ» (16+)
21.00 ТРИЛЛЕР «АНГЕЛ ИЛИ ДЕМОН» (16+)
23.00 ШОУ «УРАЛЬСКИХ ПЕЛЬМЕНЕЙ». «ОТЦЫ И ЭТИ» (16+)
00.30 КОМЕДИЯ «ДЕВУШКА МОИХ КОШМАРОВ» (16+)
02.35 БОЕВИК «ДРАКОНЫ НАВСЕГДА» (16+)
04.25 «ШОУ ДОКТОРА ОЗА» (16+)
5
6.00 СЕЙЧАС
6.10 МОМЕНТ ИСТИНЫ (16+)
7.00 УТРО НА «5»
9.45 МЕСТО ПРОИСШЕСТВИЯ
10.00 СЕЙЧАС
10.30 Х/Ф «РУССКАЯ РУЛЕТКА» (12+)
12.00 СЕЙЧАС
12.30 Т/С «СЕРДЦА ТРЕХ» (12+)
15.30 СЕЙЧАС
16.00 Т/С «СЕРДЦА ТРЕХ» (12+)
18.00 МЕСТО ПРОИСШЕСТВИЯ
18.30 СЕЙЧАС
19.00 Т/С «ДЕТЕКТИВЫ» (16+)
20.30 Т/С «СЛЕД» (16+)
22.00 СЕЙЧАС
22.25 Т/С «СЛЕД» (16+)
00.30 Т/С «СЕРДЦА ТРЕХ» (12+)
05.35 ДОКУМ. ФИЛЬМ
ПЕРЕЦ
5.30, 7.00 МУЛЬТФИЛЬМЫ
6.30 «УДАЧНОЕ УТРО»
8.00 «ПОЛЕЗНОЕ УТРО»
8.30, 16.30 «ОБМЕН ВЫТОЙ ТЕХНИКИ»
9.00, 11.30, 19.00 «УЛЕТНЫЕ ЖИВОТНЫЕ» (16+)
9.30 Х/Ф «ШАХ КОРОЛЕВЕ БРИЛЛИАНТОВ»
12.30 ОСТОРОЖНО, МОДЕРН!
13.00, 18.00 «АНЕКДОТЫ» (16+)
13.30, 17.30 «С.У.П.» (16+)
14.30 «ДОРОЖНЫЕ ВОЙНЫ»
15.30 «ДОРОЖНЫЕ ВОЙНЫ»
16.00 «ВНЕ ЗАКОНА» (16+)
20.00 «УЛЕТНОЕ ВИДЕО»
20.30 «ДОРОЖНЫЕ ВОЙНЫ»
22.00, 23.30 «ПРИКОЛЬНЫЕ ИСТОРИИ» (16+)
23.00 «УЛЕТНОЕ ВИДЕО»
00.00 «СЧАСТЛИВЫЙ КОНЕЦ» (18+)
00.30 «СТЫДНО, КОГДА ВИДНО!» (18+)
01.00 «УДАЧНАЯ НОЧЬ»
01.30 Т/С «МОРСКАЯ ПОЛИЦИЯ» (16+)
03.40 САМОЕ СМЕШНОЕ ВИДЕО
05.20 «УЛЕТНОЕ ВИДЕО»
ЗВЕЗДА
6.00 Д/С «ЗАФРОНТОВЫЕ РАЗВЕДЧИКИ»
7.00 Х/Ф «МИХАЙЛО ЛОМОНОСОВ»
9.00, 13.00 НОВОСТИ
9.25 Д/Ф «ПОЕДИНОК СПЕЦСЛУЖБ. АБХАЗИЯ»
10.00 Т/С «ХИМИК» (16+)
13.15 Т/С «ХИМИК» (16+)
14.20 Х/Ф «ШЕСТОЙ»
16.00 НОВОСТИ
16.20 Х/Ф «ПУТЬ В «САТУРН»
18.00 НОВОСТИ
18.30 Д/Ф «ВЕРНУСЬ ПОСЛЕ ПОБЕДЫ...»
19.40 Д/С «ФРОНТОВАЯ МОСКВА. ИСТОРИЯ ПОБЕДЫ»
20.05 Х/Ф «КОНЕЦ «САТУРНА»
22.00 НОВОСТИ
22.20 Д/С «СМЕРТЬ ШПИОНАМ. МОМЕНТ ИСТИНЫ»
23.30 Х/Ф «БОЙ ПОСЛЕ ПОБЕДЫ...»
02.45 Д/С «НЕВИДИМЫЙ ФРОНТ»
03.15 Т/С «ЭКСПЕРТЫ» (16+)
ТВ3
6.00 МУЛЬТФИЛЬМЫ
9.00 «СТРАННЫЕ ЯВЛЕНИЯ»
10.00 ПАРАЛЛЕЛЬНЫЙ МИР
11.00, 18.00 Х-ВЕРСИИ
11.30 «ОХОТНИКИ ЗА ПРИВИДЕНИЯМИ» (16+)
12.00 «ТВ-3 ВЕДЕТ РАССЛЕДОВАНИЕ»
13.00 ДОКУМ. ФИЛЬМ
14.00 КАТАСТРОФЫ 20 ВЕКА
15.00 ГОРОДСКИЕ ЛЕГЕНДЫ
16.00 Д/С «ГАДАЛКА»
17.00 ПАРАЛЛЕЛЬНЫЙ МИР
18.30 Х/Ф «ВЗРЫВ ИЗ ПРОШЛОГО»
21.00 Х/Ф «В ЛОВУШКЕ ВРЕМЕНИ»
23.30 ГОРОДСКИЕ ЛЕГЕНДЫ
00.30 ПОКЕРНЫЙ ТУР (18+)
01.30 Х/Ф «ЗАБЛУДШИЕ ДУШИ»
03.30 «КАК ЭТО СДЕЛАНО»
04.00 ДОКУМ. ФИЛЬМ
05.00 Т/С «ТРЕТЬЯ ПЛАНЕТА ОТ СОЛНЦА»
За информацию, предоставленную телеканалами, редакция ответственности не несет. В телепрограмме возможны изменения.
